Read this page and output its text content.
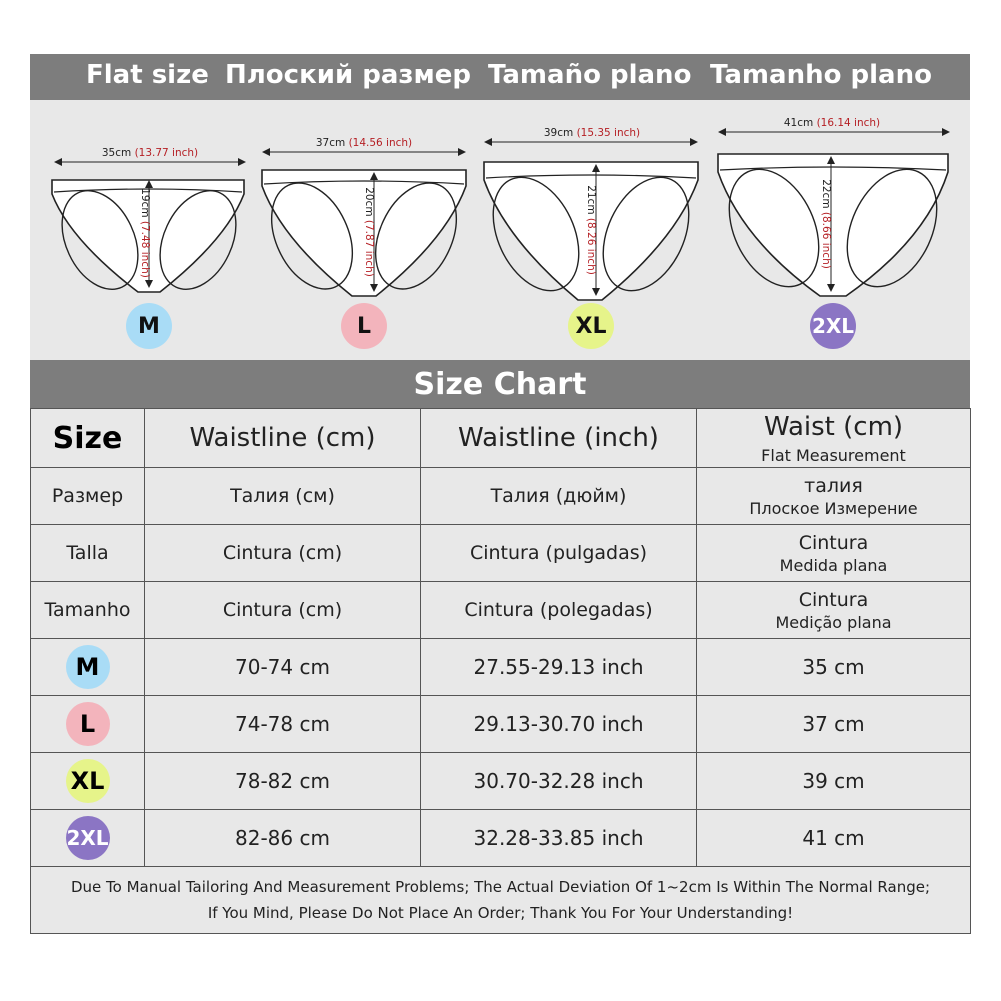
Flat size Плоский размер Tamaño plano Tamanho plano
35cm (13.77 inch)
19cm (7.48 inch)
37cm (14.56 inch)
20cm (7.87 inch)
39cm (15.35 inch)
21cm (8.26 inch)
41cm (16.14 inch)
22cm (8.66 inch)
M	L	XL	2XL
Size Chart
Size	Waistline (cm)	Waistline (inch)	Waist (cm)
Flat Measurement

Размер	Талия (см)	Талия (дюйм)	талия
Плоское Измерение

Talla	Cintura (cm)	Cintura (pulgadas)	Cintura
Medida plana

Tamanho	Cintura (cm)	Cintura (polegadas)	Cintura
Medição plana

M	70-74 cm	27.55-29.13 inch	35 cm
L	74-78 cm	29.13-30.70 inch	37 cm
XL	78-82 cm	30.70-32.28 inch	39 cm
2XL	82-86 cm	32.28-33.85 inch	41 cm

Due To Manual Tailoring And Measurement Problems; The Actual Deviation Of 1~2cm Is Within The Normal Range;
If You Mind, Please Do Not Place An Order; Thank You For Your Understanding!			
